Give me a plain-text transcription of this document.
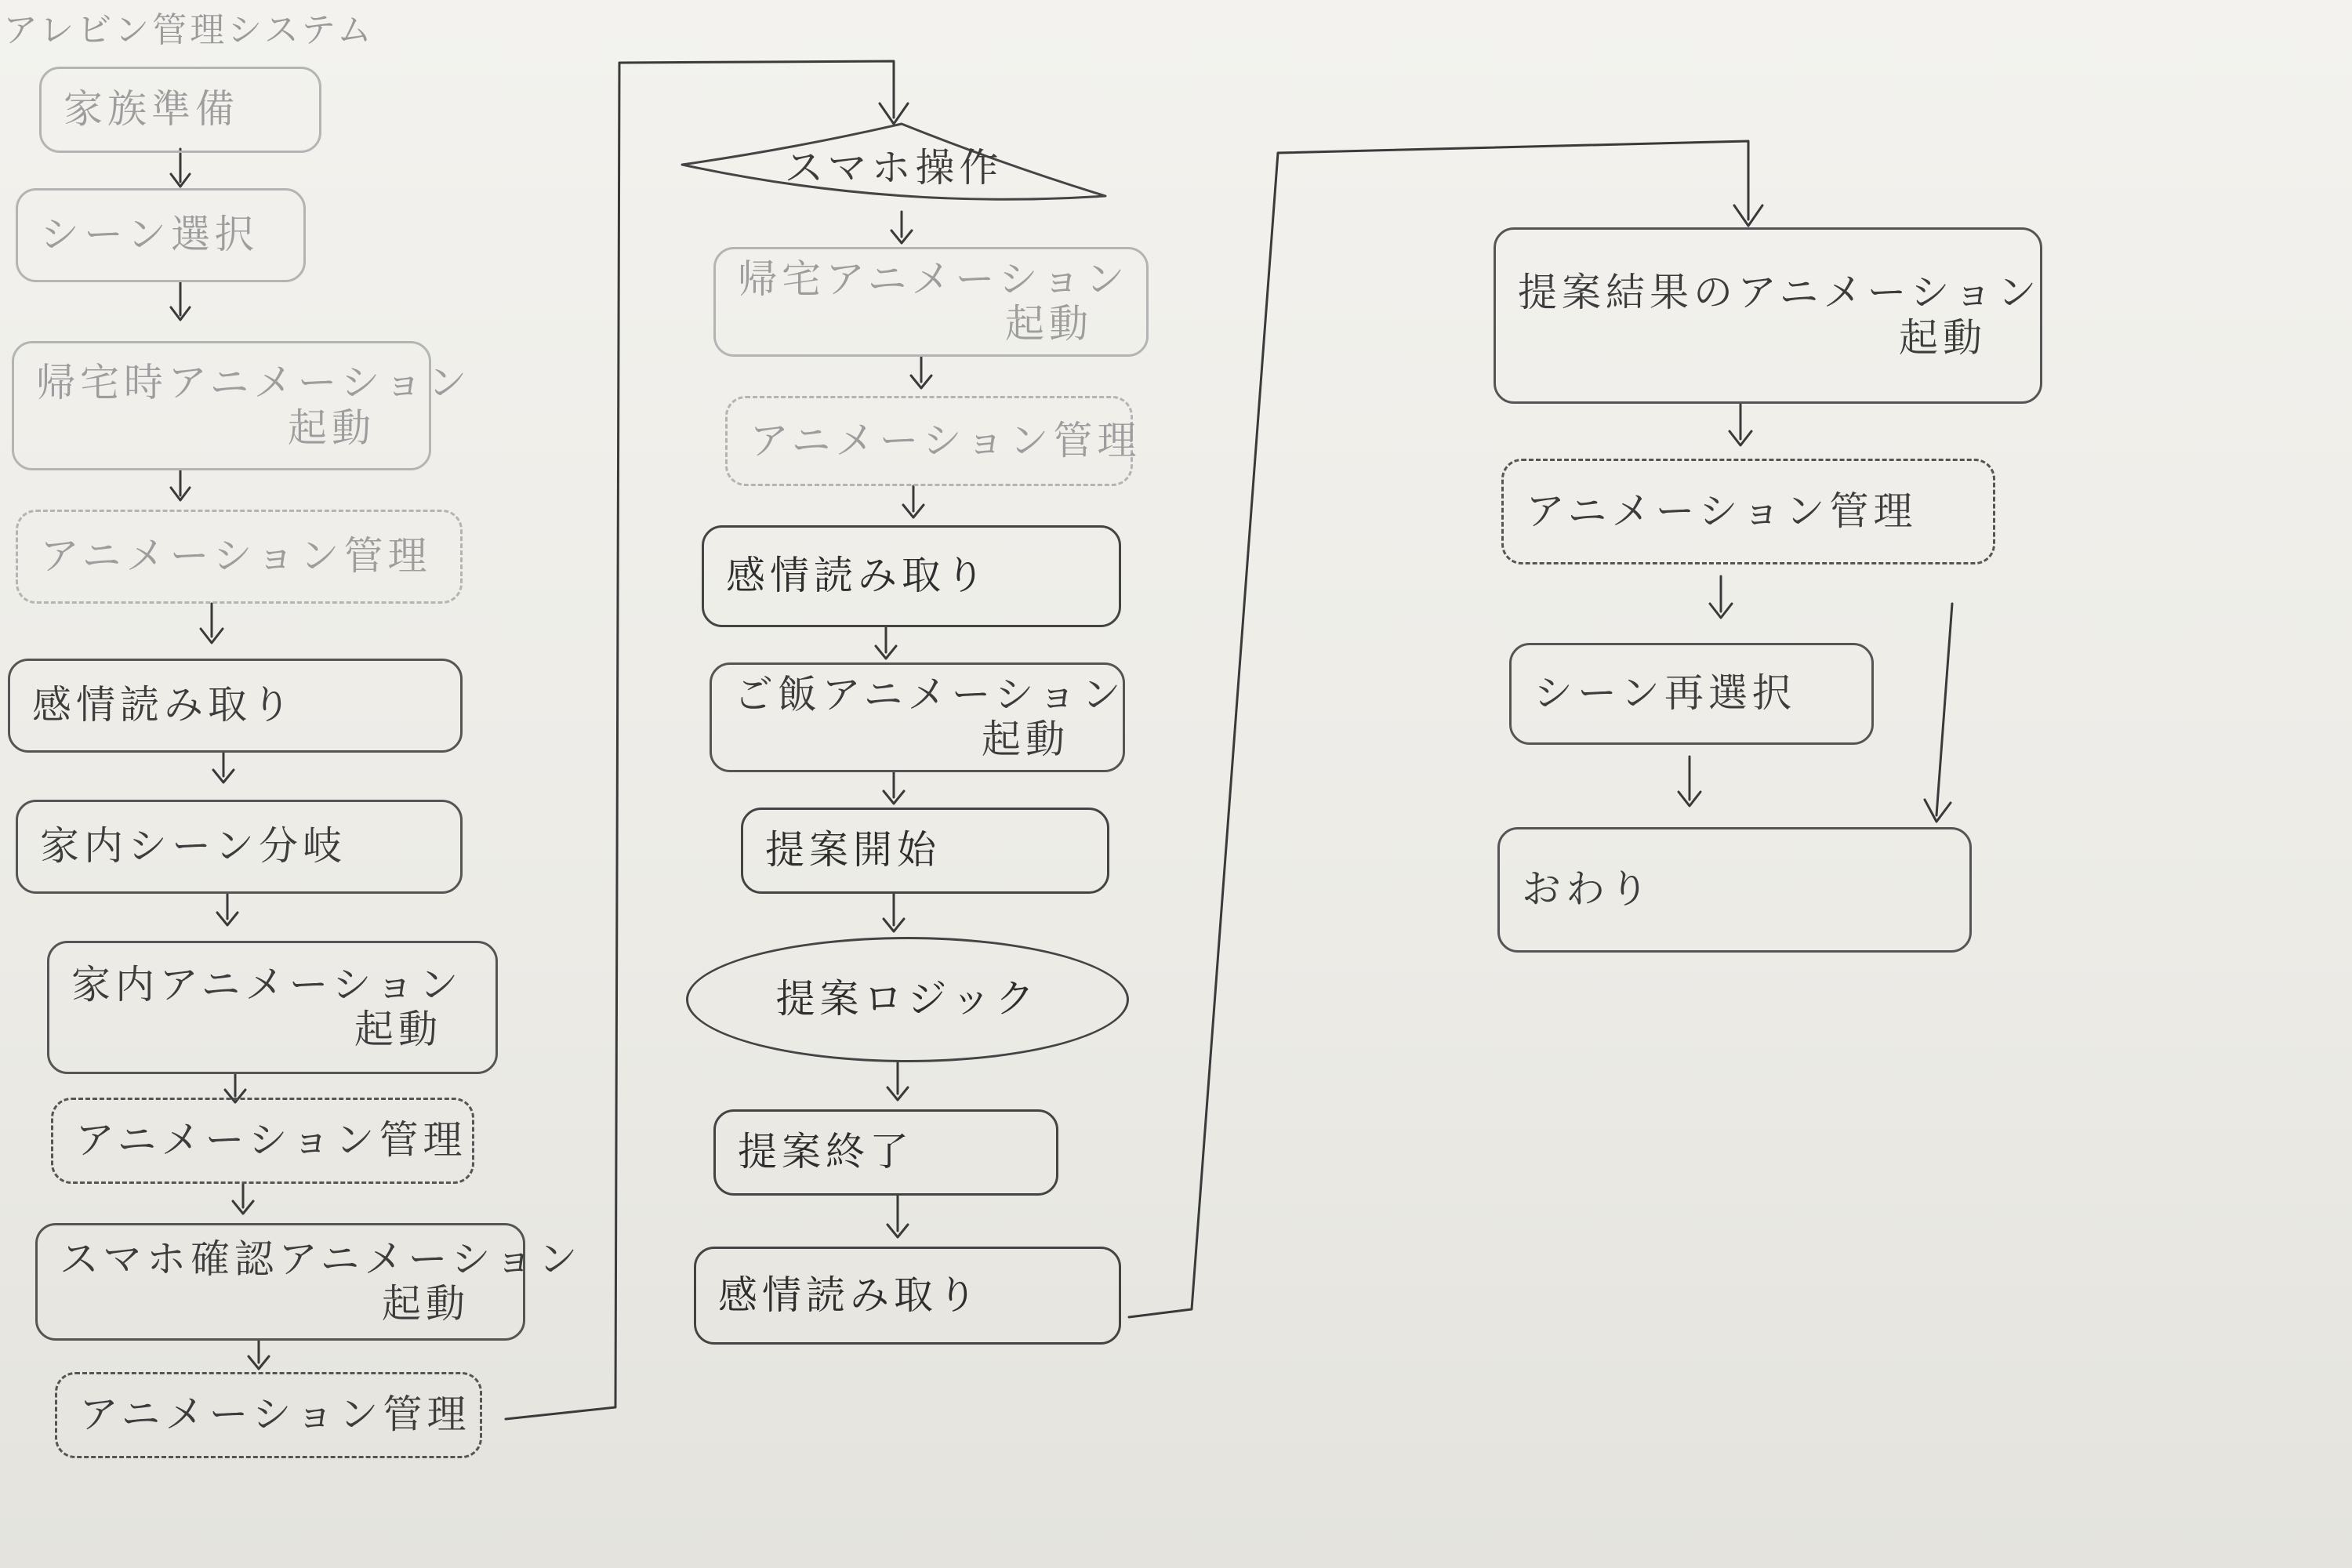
アレビン管理システム
家族準備
シーン選択
帰宅時アニメーション
起動
アニメーション管理
感情読み取り
家内シーン分岐
家内アニメーション
起動
アニメーション管理
スマホ確認アニメーション
起動
アニメーション管理
スマホ操作
帰宅アニメーション
起動
アニメーション管理
感情読み取り
ご飯アニメーション
起動
提案開始
提案ロジック
提案終了
感情読み取り
提案結果のアニメーション
起動
アニメーション管理
シーン再選択
おわり
